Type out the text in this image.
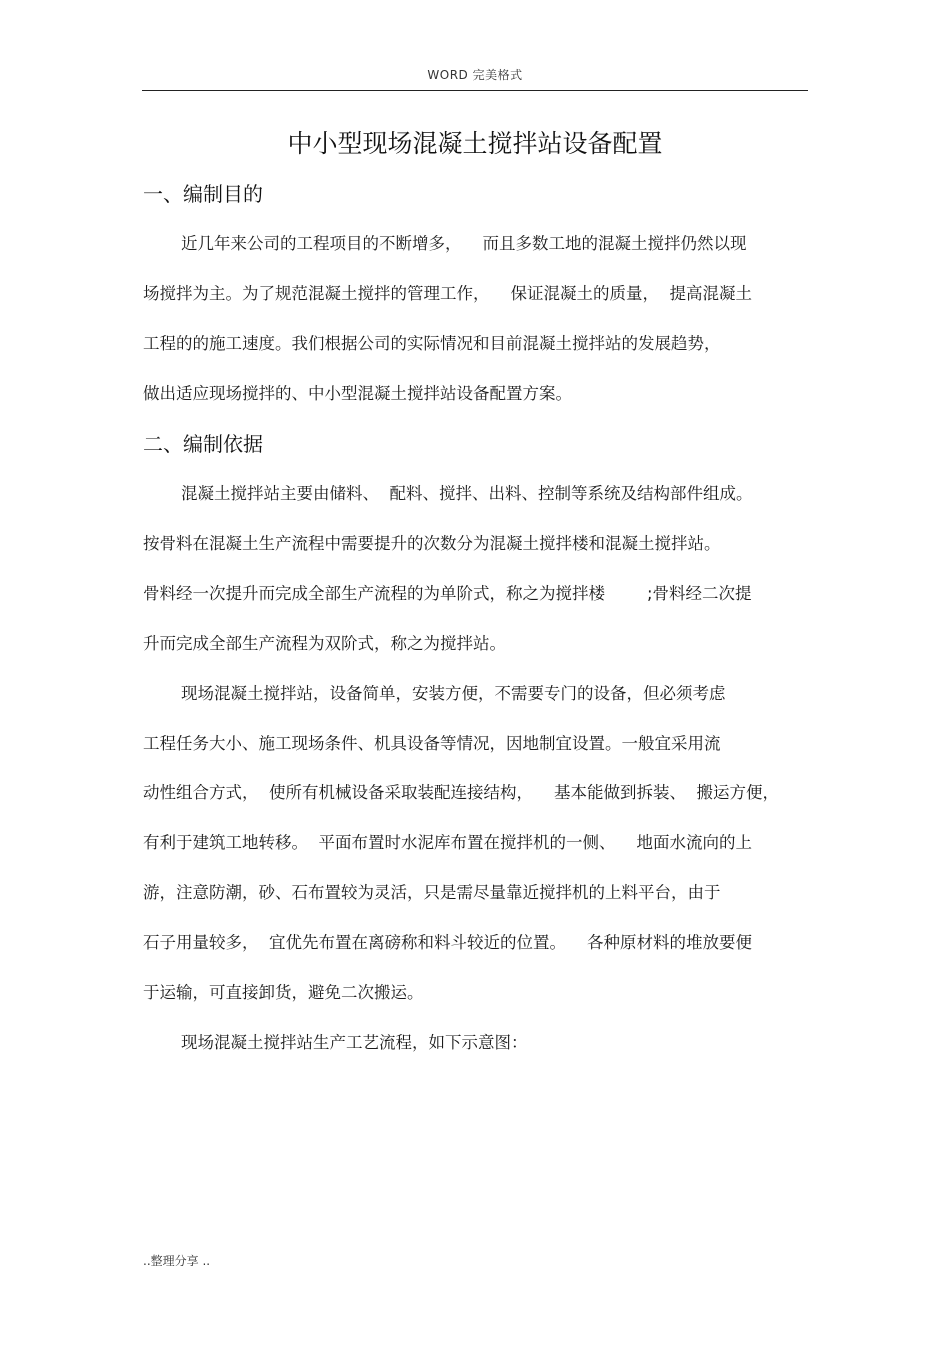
WORD 完美格式
中小型现场混凝土搅拌站设备配置
一、编制目的

近几年来公司的工程项目的不断增多，    而且多数工地的混凝土搅拌仍然以现

场搅拌为主。为了规范混凝土搅拌的管理工作，    保证混凝土的质量，  提高混凝土

工程的的施工速度。我们根据公司的实际情况和目前混凝土搅拌站的发展趋势，

做出适应现场搅拌的、中小型混凝土搅拌站设备配置方案。

二、编制依据

混凝土搅拌站主要由储料、  配料、搅拌、出料、控制等系统及结构部件组成。

按骨料在混凝土生产流程中需要提升的次数分为混凝土搅拌楼和混凝土搅拌站。

骨料经一次提升而完成全部生产流程的为单阶式，称之为搅拌楼        ;骨料经二次提

升而完成全部生产流程为双阶式，称之为搅拌站。

现场混凝土搅拌站，设备简单，安装方便，不需要专门的设备，但必须考虑

工程任务大小、施工现场条件、机具设备等情况，因地制宜设置。一般宜采用流

动性组合方式，  使所有机械设备采取装配连接结构，    基本能做到拆装、  搬运方便，

有利于建筑工地转移。  平面布置时水泥库布置在搅拌机的一侧、    地面水流向的上

游，注意防潮，砂、石布置较为灵活，只是需尽量靠近搅拌机的上料平台，由于

石子用量较多，  宜优先布置在离磅称和料斗较近的位置。    各种原材料的堆放要便

于运输，可直接卸货，避免二次搬运。

现场混凝土搅拌站生产工艺流程，如下示意图：

..整理分享 ..
